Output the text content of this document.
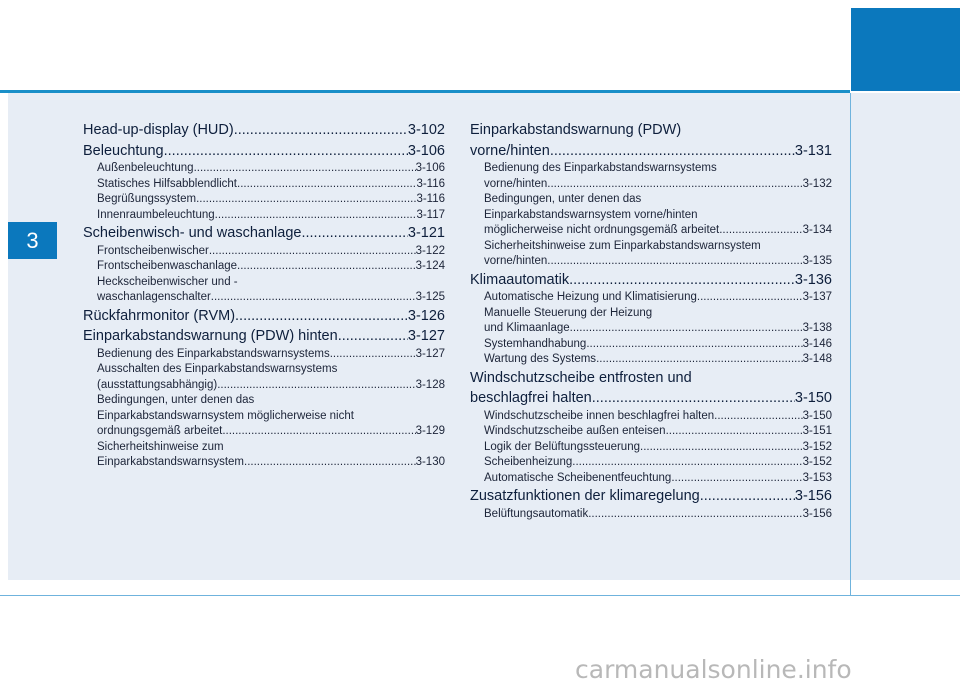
3
Head-up-display (HUD) .....	3-102
Beleuchtung .....	3-106
Außenbeleuchtung .....	3-106
Statisches Hilfsabblendlicht .....	3-116
Begrüßungssystem .....	3-116
Innenraumbeleuchtung .....	3-117
Scheibenwisch- und waschanlage .....	3-121
Frontscheibenwischer .....	3-122
Frontscheibenwaschanlage .....	3-124
Heckscheibenwischer und -
waschanlagenschalter .....	3-125
Rückfahrmonitor (RVM) .....	3-126
Einparkabstandswarnung (PDW) hinten .....	3-127
Bedienung des Einparkabstandswarnsystems .....	3-127
Ausschalten des Einparkabstandswarnsystems
(ausstattungsabhängig) .....	3-128
Bedingungen, unter denen das
Einparkabstandswarnsystem möglicherweise nicht
ordnungsgemäß arbeitet .....	3-129
Sicherheitshinweise zum
Einparkabstandswarnsystem .....	3-130
Einparkabstandswarnung (PDW)
vorne/hinten .....	3-131
Bedienung des Einparkabstandswarnsystems
vorne/hinten .....	3-132
Bedingungen, unter denen das
Einparkabstandswarnsystem vorne/hinten
möglicherweise nicht ordnungsgemäß arbeitet .....	3-134
Sicherheitshinweise zum Einparkabstandswarnsystem
vorne/hinten .....	3-135
Klimaautomatik .....	3-136
Automatische Heizung und Klimatisierung .....	3-137
Manuelle Steuerung der Heizung
und Klimaanlage .....	3-138
Systemhandhabung .....	3-146
Wartung des Systems .....	3-148
Windschutzscheibe entfrosten und
beschlagfrei halten .....	3-150
Windschutzscheibe innen beschlagfrei halten .....	3-150
Windschutzscheibe außen enteisen .....	3-151
Logik der Belüftungssteuerung .....	3-152
Scheibenheizung .....	3-152
Automatische Scheibenentfeuchtung .....	3-153
Zusatzfunktionen der klimaregelung .....	3-156
Belüftungsautomatik .....	3-156
carmanualsonline.info
